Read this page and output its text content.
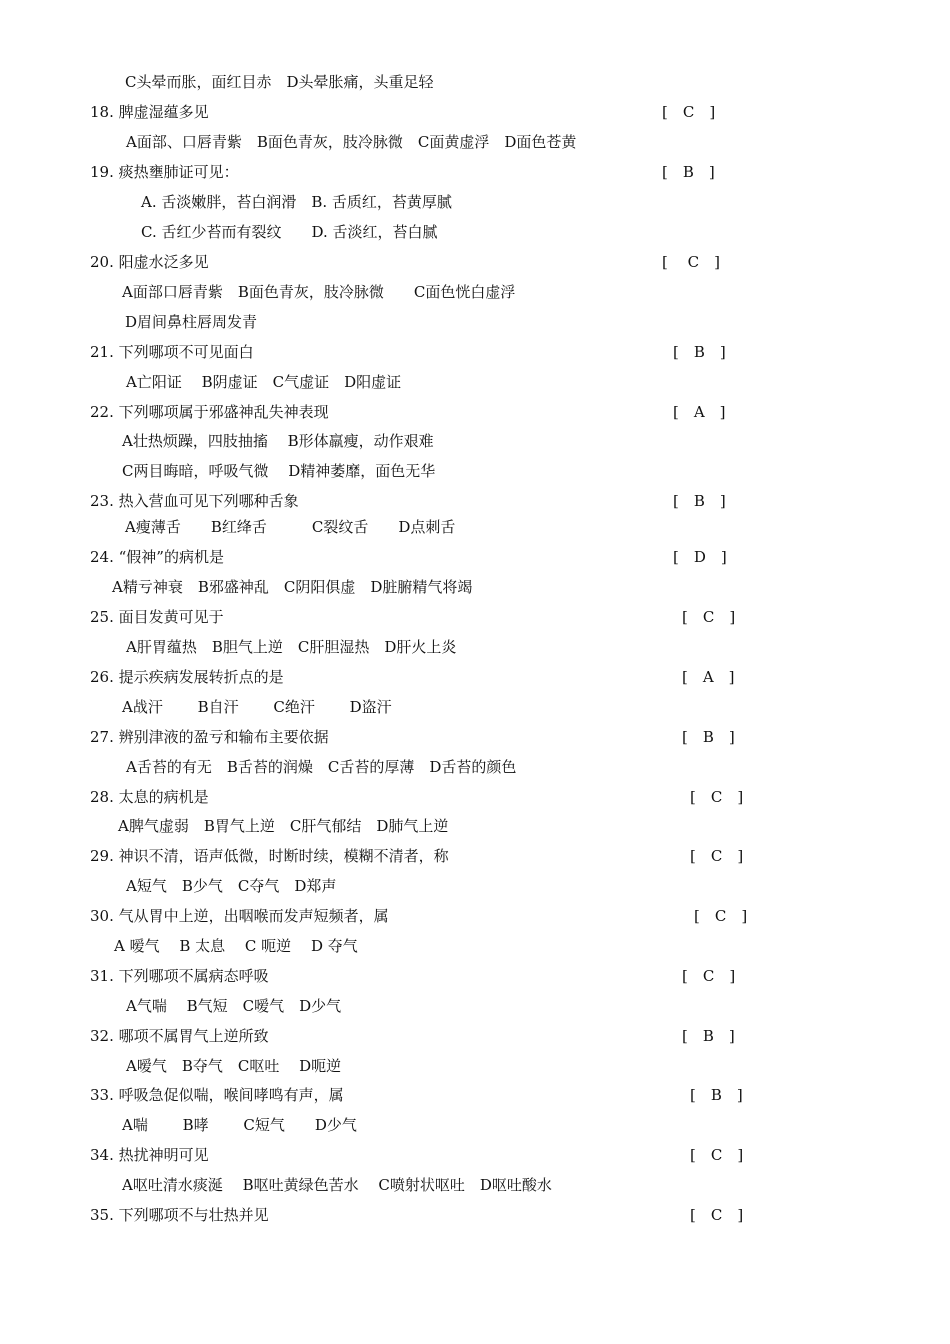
C头晕而胀，面红目赤　D头晕胀痛，头重足轻
18. 脾虚湿蕴多见
A面部、口唇青紫　B面色青灰，肢冷脉微　C面黄虚浮　D面色苍黄
19. 痰热壅肺证可见：
A. 舌淡嫩胖，苔白润滑　B. 舌质红，苔黄厚腻
C. 舌红少苔而有裂纹　　D. 舌淡红，苔白腻
20. 阳虚水泛多见
A面部口唇青紫　B面色青灰，肢冷脉微　　C面色恍白虚浮
D眉间鼻柱唇周发青
21. 下列哪项不可见面白
A亡阳证　 B阴虚证　C气虚证　D阳虚证
22. 下列哪项属于邪盛神乱失神表现
A壮热烦躁，四肢抽搐　 B形体羸瘦，动作艰难
C两目晦暗，呼吸气微　 D精神萎靡，面色无华
23. 热入营血可见下列哪种舌象
A瘦薄舌　　B红绛舌　　　C裂纹舌　　D点刺舌
24. “假神”的病机是
A精亏神衰　B邪盛神乱　C阴阳俱虚　D脏腑精气将竭
25. 面目发黄可见于
A肝胃蕴热　B胆气上逆　C肝胆湿热　D肝火上炎
26. 提示疾病发展转折点的是
A战汗　　 B自汗　　 C绝汗　　 D盗汗
27. 辨别津液的盈亏和输布主要依据
A舌苔的有无　B舌苔的润燥　C舌苔的厚薄　D舌苔的颜色
28. 太息的病机是
A脾气虚弱　B胃气上逆　C肝气郁结　D肺气上逆
29. 神识不清，语声低微，时断时续，模糊不清者，称
A短气　B少气　C夺气　D郑声
30. 气从胃中上逆，出咽喉而发声短频者，属
A 嗳气　 B 太息　 C 呃逆　 D 夺气
31. 下列哪项不属病态呼吸
A气喘　 B气短　C嗳气　D少气
32. 哪项不属胃气上逆所致
A嗳气　B夺气　C呕吐　 D呃逆
33. 呼吸急促似喘，喉间哮鸣有声，属
A喘　　 B哮　　 C短气　　D少气
34. 热扰神明可见
A呕吐清水痰涎　 B呕吐黄绿色苦水　 C喷射状呕吐　D呕吐酸水
35. 下列哪项不与壮热并见
[　C　]
[　B　]
[　 C　]
[　B　]
[　A　]
[　B　]
[　D　]
[　C　]
[　A　]
[　B　]
[　C　]
[　C　]
[　C　]
[　C　]
[　B　]
[　B　]
[　C　]
[　C　]
